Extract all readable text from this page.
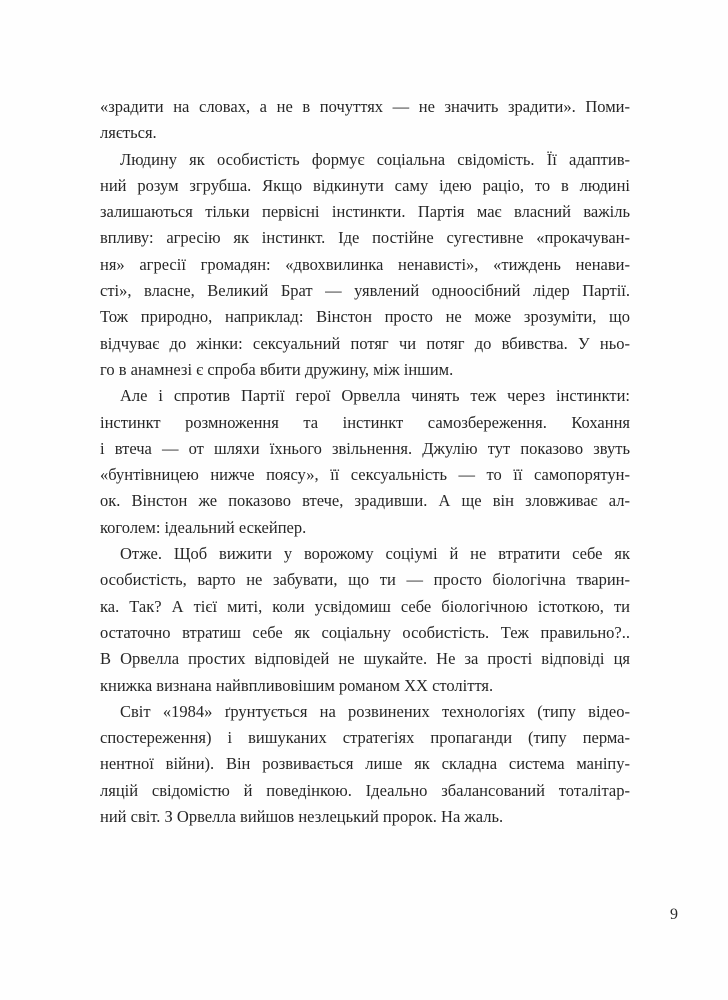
«зрадити на словах, а не в почуттях — не значить зрадити». Поми-
ляється.

Людину як особистість формує соціальна свідомість. Її адаптив-
ний розум згрубша. Якщо відкинути саму ідею раціо, то в людині
залишаються тільки первісні інстинкти. Партія має власний важіль
впливу: агресію як інстинкт. Іде постійне сугестивне «прокачуван-
ня» агресії громадян: «двохвилинка ненависті», «тиждень ненави-
сті», власне, Великий Брат — уявлений одноосібний лідер Партії.
Тож природно, наприклад: Вінстон просто не може зрозуміти, що
відчуває до жінки: сексуальний потяг чи потяг до вбивства. У ньо-
го в анамнезі є спроба вбити дружину, між іншим.

Але і спротив Партії герої Орвелла чинять теж через інстинкти:
інстинкт розмноження та інстинкт самозбереження. Кохання
і втеча — от шляхи їхнього звільнення. Джулію тут показово звуть
«бунтівницею нижче поясу», її сексуальність — то її самопорятун-
ок. Вінстон же показово втече, зрадивши. А ще він зловживає ал-
коголем: ідеальний ескейпер.

Отже. Щоб вижити у ворожому соціумі й не втратити себе як
особистість, варто не забувати, що ти — просто біологічна тварин-
ка. Так? А тієї миті, коли усвідомиш себе біологічною істоткою, ти
остаточно втратиш себе як соціальну особистість. Теж правильно?..
В Орвелла простих відповідей не шукайте. Не за прості відповіді ця
книжка визнана найвпливовішим романом ХХ століття.

Світ «1984» ґрунтується на розвинених технологіях (типу відео-
спостереження) і вишуканих стратегіях пропаганди (типу перма-
нентної війни). Він розвивається лише як складна система маніпу-
ляцій свідомістю й поведінкою. Ідеально збалансований тоталітар-
ний світ. З Орвелла вийшов незлецький пророк. На жаль.

9
